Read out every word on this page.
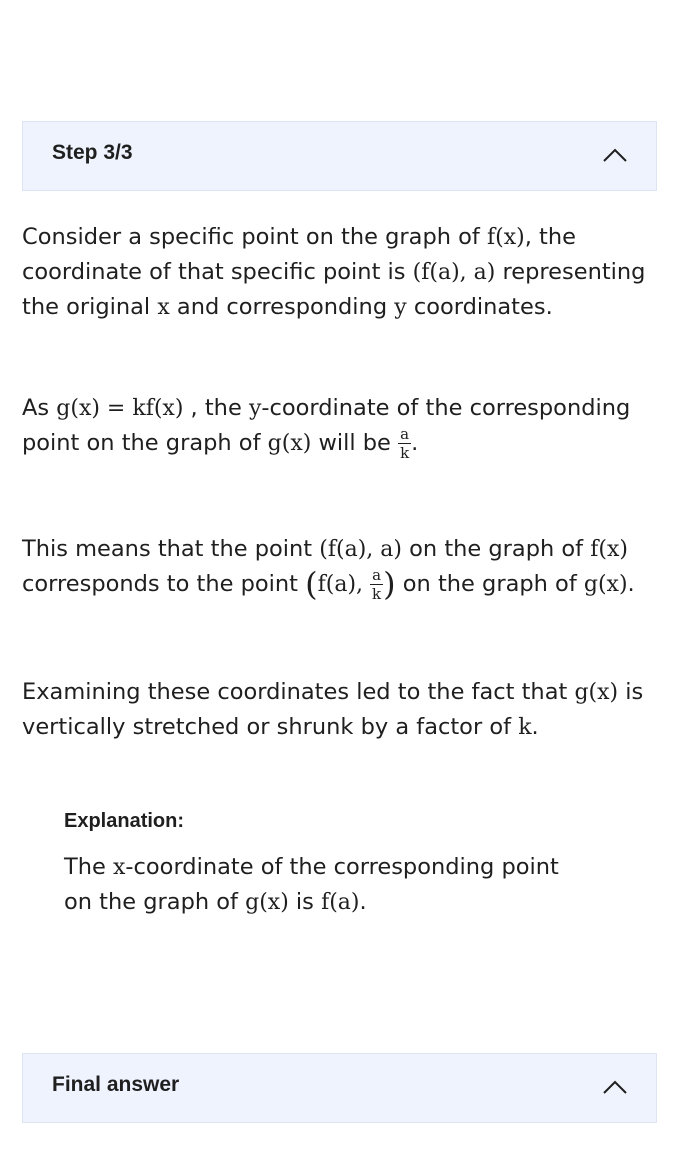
Step 3/3

Consider a specific point on the graph of f(x), the coordinate of that specific point is (f(a), a) representing the original x and corresponding y coordinates.

As g(x) = kf(x) , the y-coordinate of the corresponding point on the graph of g(x) will be $\frac{a}{k}$ .

This means that the point (f(a), a) on the graph of f(x) corresponds to the point (f(a), $\frac{a}{k}$ ) on the graph of g(x).

Examining these coordinates led to the fact that g(x) is vertically stretched or shrunk by a factor of k.

Explanation:
The x-coordinate of the corresponding point on the graph of g(x) is f(a).
Final answer
